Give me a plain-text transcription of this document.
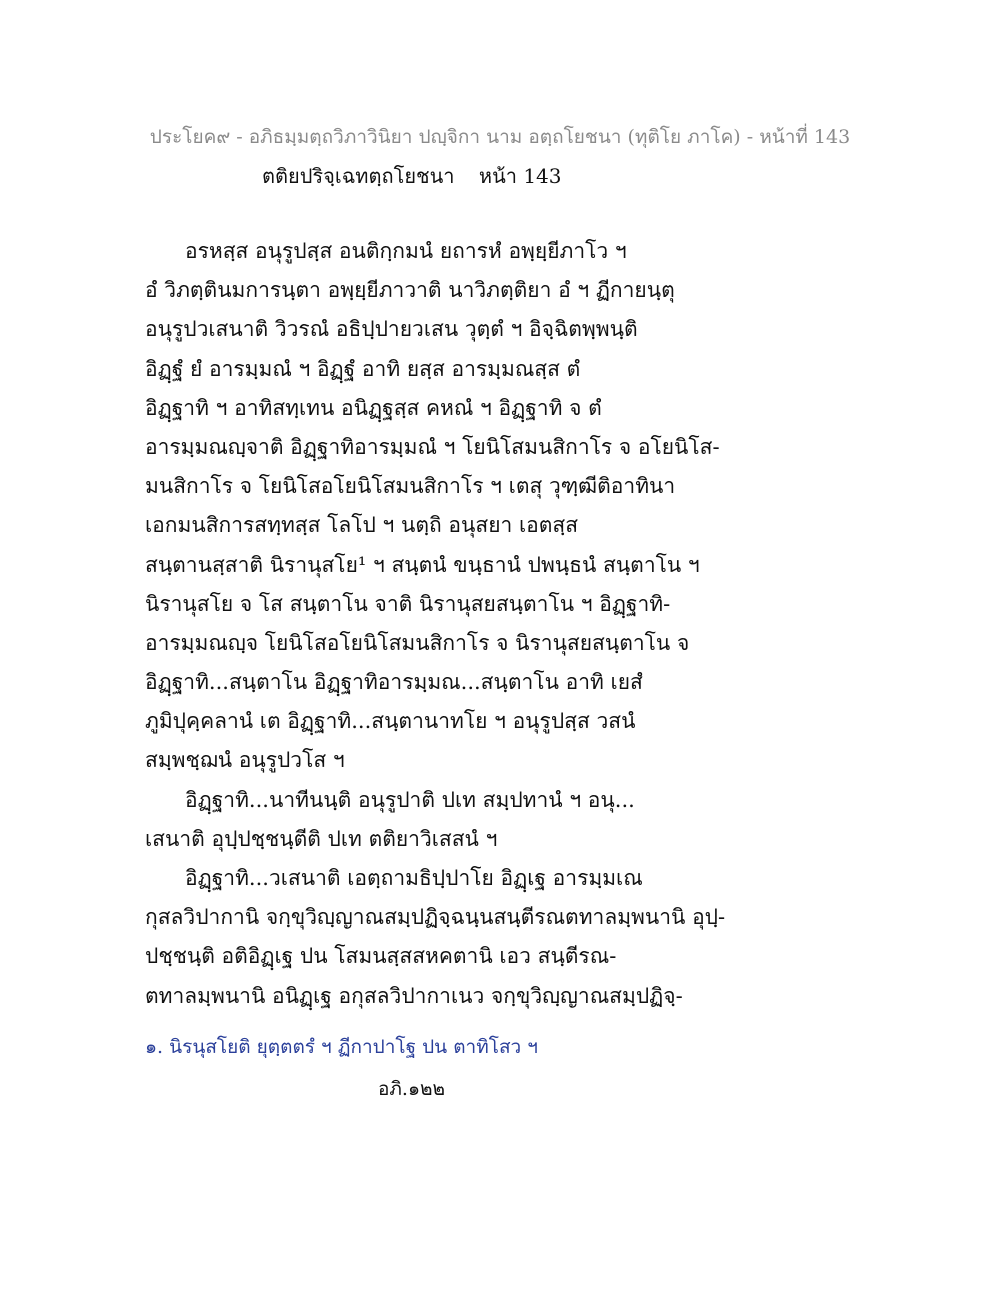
ประโยค๙ - อภิธมฺมตฺถวิภาวินิยา ปญฺจิกา นาม อตฺถโยชนา (ทุติโย ภาโค) - หน้าที่ 143
ตติยปริจฺเฉทตฺถโยชนา หน้า 143
อรหสฺส อนุรูปสฺส อนติกฺกมนํ ยถารหํ อพฺยฺยีภาโว ฯ
อํ วิภตฺตินมการนฺตา อพฺยฺยีภาวาติ นาวิภตฺติยา อํ ฯ ฏีกายนฺตุ
อนุรูปวเสนาติ วิวรณํ อธิปฺปายวเสน วุตฺตํ ฯ อิจฺฉิตพฺพนฺติ
อิฏฺฐํ ยํ อารมฺมณํ ฯ อิฏฺฐํ อาทิ ยสฺส อารมฺมณสฺส ตํ
อิฏฺฐาทิ ฯ อาทิสทฺเทน อนิฏฺฐสฺส คหณํ ฯ อิฏฺฐาทิ จ ตํ
อารมฺมณญฺจาติ อิฏฺฐาทิอารมฺมณํ ฯ โยนิโสมนสิกาโร จ อโยนิโส-
มนสิกาโร จ โยนิโสอโยนิโสมนสิกาโร ฯ เตสุ วุฑฺฒีติอาทินา
เอกมนสิการสทฺทสฺส โลโป ฯ นตฺถิ อนุสยา เอตสฺส
สนฺตานสฺสาติ นิรานุสโย¹ ฯ สนฺตนํ ขนฺธานํ ปพนฺธนํ สนฺตาโน ฯ
นิรานุสโย จ โส สนฺตาโน จาติ นิรานุสยสนฺตาโน ฯ อิฏฺฐาทิ-
อารมฺมณญฺจ โยนิโสอโยนิโสมนสิกาโร จ นิรานุสยสนฺตาโน จ
อิฏฺฐาทิ...สนฺตาโน อิฏฺฐาทิอารมฺมณ...สนฺตาโน อาทิ เยสํ
ภูมิปุคฺคลานํ เต อิฏฺฐาทิ...สนฺตานาทโย ฯ อนุรูปสฺส วสนํ
สมฺพชฺฌนํ อนุรูปวโส ฯ
อิฏฺฐาทิ...นาทีนนฺติ อนุรูปาติ ปเท สมฺปทานํ ฯ อนุ...
เสนาติ อุปฺปชฺชนฺตีติ ปเท ตติยาวิเสสนํ ฯ
อิฏฺฐาทิ...วเสนาติ เอตฺถามธิปฺปาโย อิฏฺเฐ อารมฺมเณ
กุสลวิปากานิ จกฺขุวิญฺญาณสมฺปฏิจฺฉนฺนสนฺตีรณตทาลมฺพนานิ อุปฺ-
ปชฺชนฺติ อติอิฏฺเฐ ปน โสมนสฺสสหคตานิ เอว สนฺตีรณ-
ตทาลมฺพนานิ อนิฏฺเฐ อกุสลวิปากาเนว จกฺขุวิญฺญาณสมฺปฏิจฺ-
๑. นิรนุสโยติ ยุตฺตตรํ ฯ ฏีกาปาโฐ ปน ตาทิโสว ฯ
อภิ.๑๒๒
